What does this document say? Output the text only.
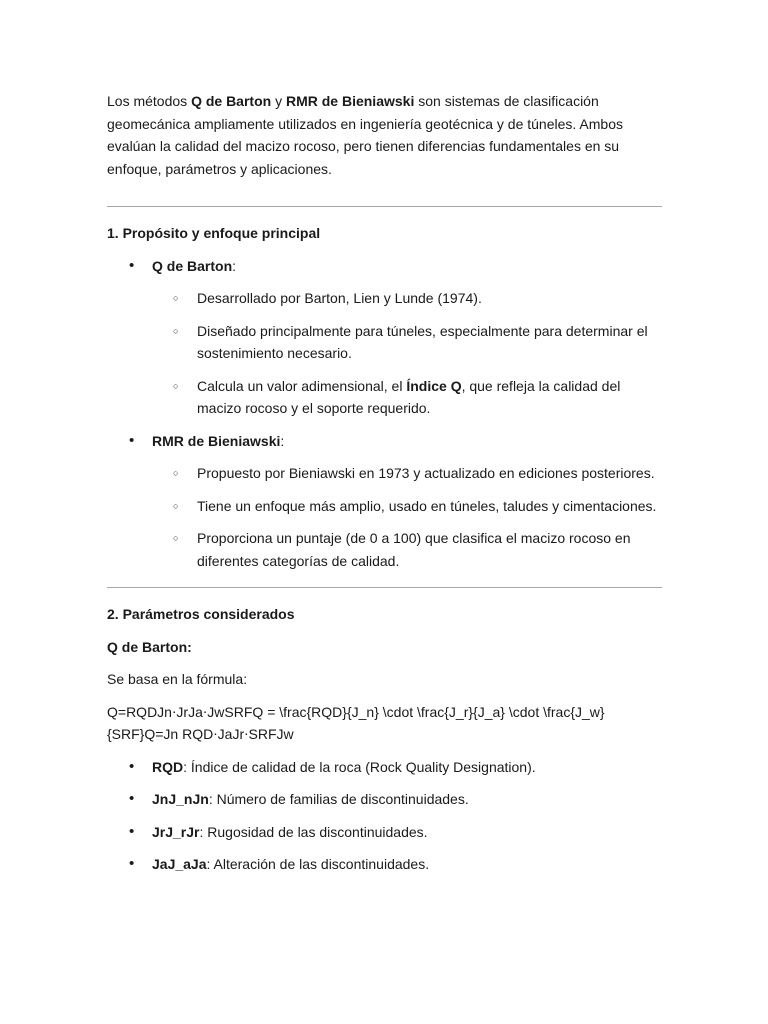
Los métodos Q de Barton y RMR de Bieniawski son sistemas de clasificación geomecánica ampliamente utilizados en ingeniería geotécnica y de túneles. Ambos evalúan la calidad del macizo rocoso, pero tienen diferencias fundamentales en su enfoque, parámetros y aplicaciones.

1. Propósito y enfoque principal

• Q de Barton:

○ Desarrollado por Barton, Lien y Lunde (1974).

○ Diseñado principalmente para túneles, especialmente para determinar el sostenimiento necesario.

○ Calcula un valor adimensional, el Índice Q, que refleja la calidad del macizo rocoso y el soporte requerido.

• RMR de Bieniawski:

○ Propuesto por Bieniawski en 1973 y actualizado en ediciones posteriores.

○ Tiene un enfoque más amplio, usado en túneles, taludes y cimentaciones.

○ Proporciona un puntaje (de 0 a 100) que clasifica el macizo rocoso en diferentes categorías de calidad.

2. Parámetros considerados

Q de Barton:

Se basa en la fórmula:

Q=RQDJn⋅JrJa⋅JwSRFQ = \frac{RQD}{J_n} \cdot \frac{J_r}{J_a} \cdot \frac{J_w}{SRF}Q=Jn RQD⋅JaJr⋅SRFJw

• RQD: Índice de calidad de la roca (Rock Quality Designation).

• JnJ_nJn: Número de familias de discontinuidades.

• JrJ_rJr: Rugosidad de las discontinuidades.

• JaJ_aJa: Alteración de las discontinuidades.
